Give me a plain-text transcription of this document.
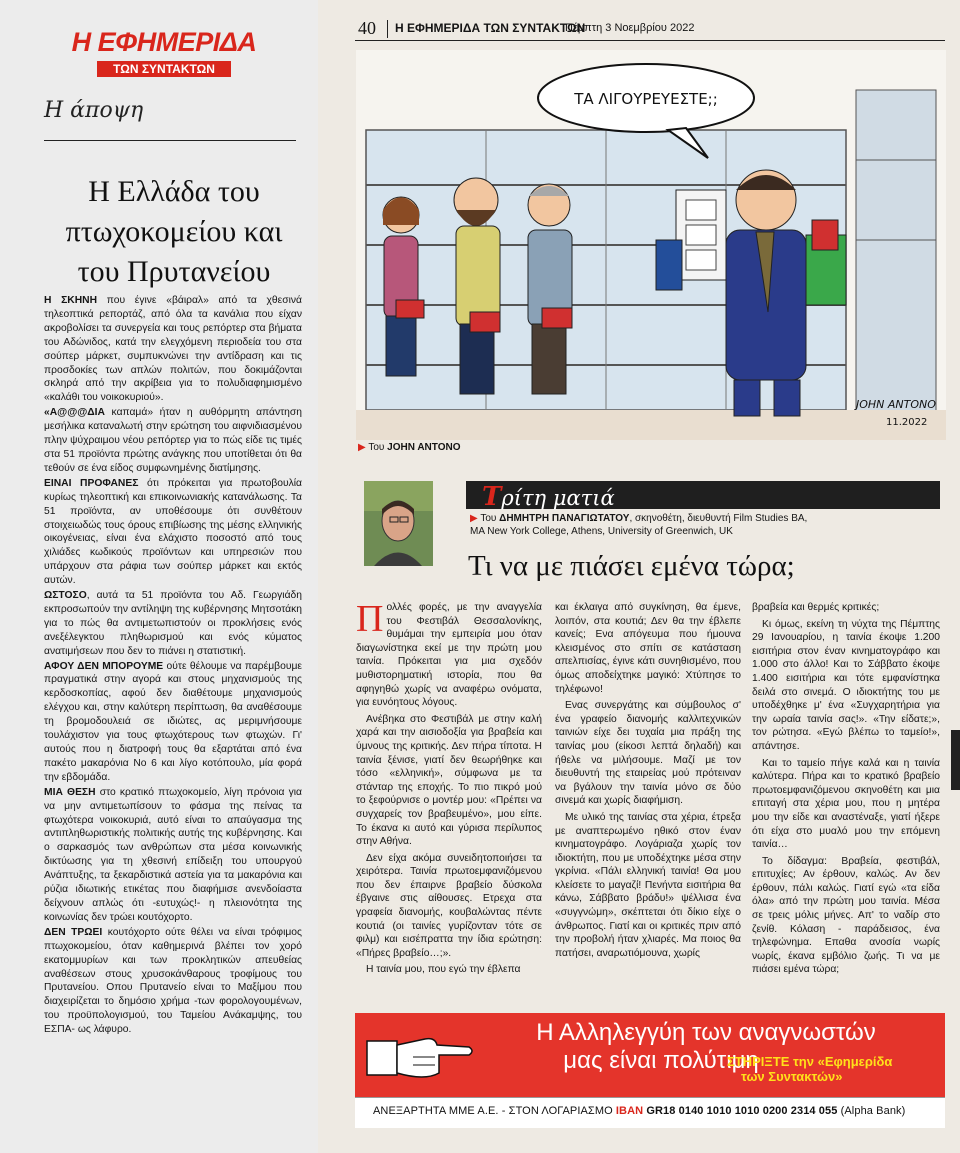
Η ΕΦΗΜΕΡΙΔΑ
ΤΩΝ ΣΥΝΤΑΚΤΩΝ
Η άποψη
Η Ελλάδα του
πτωχοκομείου και
του Πρυτανείου

Η ΣΚΗΝΗ που έγινε «βάιραλ» από τα χθεσινά τηλεοπτικά ρεπορτάζ, από όλα τα κανάλια που είχαν ακροβολίσει τα συνεργεία και τους ρεπόρτερ στα βήματα του Αδώνιδος, κατά την ελεγχόμενη περιοδεία του στα σούπερ μάρκετ, συμπυκνώνει την αντίδραση και τις προσδοκίες των απλών πολιτών, που δοκιμάζονται σκληρά από την ακρίβεια για το πολυδιαφημισμένο «καλάθι του νοικοκυριού».

«Α@@@ΔΙΑ καπαμά» ήταν η αυθόρμητη απάντηση μεσήλικα καταναλωτή στην ερώτηση του αιφνιδιασμένου πλην ψύχραιμου νέου ρεπόρτερ για το πώς είδε τις τιμές στα 51 προϊόντα πρώτης ανάγκης που υποτίθεται ότι θα τεθούν σε ένα είδος συμφωνημένης διατίμησης.

ΕΙΝΑΙ ΠΡΟΦΑΝΕΣ ότι πρόκειται για πρωτοβουλία κυρίως τηλεοπτική και επικοινωνιακής κατανάλωσης. Τα 51 προϊόντα, αν υποθέσουμε ότι συνθέτουν στοιχειωδώς τους όρους επιβίωσης της μέσης ελληνικής οικογένειας, είναι ένα ελάχιστο ποσοστό από τους χιλιάδες κωδικούς προϊόντων και υπηρεσιών που υπάρχουν στα ράφια των σούπερ μάρκετ και εκτός αυτών.

ΩΣΤΟΣΟ, αυτά τα 51 προϊόντα του Αδ. Γεωργιάδη εκπροσωπούν την αντίληψη της κυβέρνησης Μητσοτάκη για το πώς θα αντιμετωπιστούν οι προκλήσεις ενός ανεξέλεγκτου πληθωρισμού και ενός κύματος ανατιμήσεων που δεν το πιάνει η στατιστική.

ΑΦΟΥ ΔΕΝ ΜΠΟΡΟΥΜΕ ούτε θέλουμε να παρέμβουμε πραγματικά στην αγορά και στους μηχανισμούς της κερδοσκοπίας, αφού δεν διαθέτουμε μηχανισμούς ελέγχου και, στην καλύτερη περίπτωση, θα αναθέσουμε τη βρομοδουλειά σε ιδιώτες, ας μεριμνήσουμε τουλάχιστον για τους φτωχότερους των φτωχών. Γι' αυτούς που η διατροφή τους θα εξαρτάται από ένα πακέτο μακαρόνια Νο 6 και λίγο κοτόπουλο, μία φορά την εβδομάδα.

ΜΙΑ ΘΕΣΗ στο κρατικό πτωχοκομείο, λίγη πρόνοια για να μην αντιμετωπίσουν το φάσμα της πείνας τα φτωχότερα νοικοκυριά, αυτό είναι το απαύγασμα της αντιπληθωριστικής πολιτικής αυτής της κυβέρνησης. Και ο σαρκασμός των ανθρώπων στα μέσα κοινωνικής δικτύωσης για τη χθεσινή επίδειξη του υπουργού Ανάπτυξης, τα ξεκαρδιστικά αστεία για τα μακαρόνια και ρύζια ιδιωτικής ετικέτας που διαφήμισε ανενδοίαστα δείχνουν απλώς ότι -ευτυχώς!- η πλειονότητα της κοινωνίας δεν τρώει κουτόχορτο.

ΔΕΝ ΤΡΩΕΙ κουτόχορτο ούτε θέλει να είναι τρόφιμος πτωχοκομείου, όταν καθημερινά βλέπει τον χορό εκατομμυρίων και των προκλητικών απευθείας αναθέσεων στους χρυσοκάνθαρους τροφίμους του Πρυτανείου. Οπου Πρυτανείο είναι το Μαξίμου που διαχειρίζεται το δημόσιο χρήμα -των φορολογουμένων, του πρoϋπολογισμού, του Ταμείου Ανάκαμψης, του ΕΣΠΑ- ως λάφυρο.

40 Η ΕΦΗΜΕΡΙΔΑ ΤΩΝ ΣΥΝΤΑΚΤΩΝ
Πέμπτη 3 Νοεμβρίου 2022
ΤΑ ΛΙΓΟΥΡΕΥΕΣΤΕ;;
JOHN ANTONO
11.2022
▶ Του JOHN ANTONO
Τρίτη ματιά
▶ Του ΔΗΜΗΤΡΗ ΠΑΝΑΓΙΩΤΑΤΟΥ, σκηνοθέτη, διευθυντή Film Studies BA,
MA New York College, Athens, University of Greenwich, UK
Τι να με πιάσει εμένα τώρα;

Πολλές φορές, με την αναγγελία του Φεστιβάλ Θεσσαλονίκης, θυμάμαι την εμπειρία μου όταν διαγωνίστηκα εκεί με την πρώτη μου ταινία. Πρόκειται για μια σχεδόν μυθιστορηματική ιστορία, που θα αφηγηθώ χωρίς να αναφέρω ονόματα, για ευνόητους λόγους.

Ανέβηκα στο Φεστιβάλ με στην καλή χαρά και την αισιοδοξία για βραβεία και ύμνους της κριτικής. Δεν πήρα τίποτα. Η ταινία ξένισε, γιατί δεν θεωρήθηκε και τόσο «ελληνική», σύμφωνα με τα στάνταρ της εποχής. Το πιο πικρό μού το ξεφούρνισε ο μοντέρ μου: «Πρέπει να συγχαρείς τον βραβευμένο», μου είπε. Το έκανα κι αυτό και γύρισα περίλυπος στην Αθήνα.

Δεν είχα ακόμα συνειδητοποιήσει τα χειρότερα. Ταινία πρωτοεμφανιζόμενου που δεν έπαιρνε βραβείο δύσκολα έβγαινε στις αίθουσες. Ετρεχα στα γραφεία διανομής, κουβαλώντας πέντε κουτιά (οι ταινίες γυρίζονταν τότε σε φιλμ) και εισέπραττα την ίδια ερώτηση: «Πήρες βραβείο…;».

Η ταινία μου, που εγώ την έβλεπα

και έκλαιγα από συγκίνηση, θα έμενε, λοιπόν, στα κουτιά; Δεν θα την έβλεπε κανείς; Ενα απόγευμα που ήμουνα κλεισμένος στο σπίτι σε κατάσταση απελπισίας, έγινε κάτι συνηθισμένο, που όμως αποδείχτηκε μαγικό: Χτύπησε το τηλέφωνο!

Ενας συνεργάτης και σύμβουλος σ' ένα γραφείο διανομής καλλιτεχνικών ταινιών είχε δει τυχαία μια πράξη της ταινίας μου (είκοσι λεπτά δηλαδή) και ήθελε να μιλήσουμε. Μαζί με τον διευθυντή της εταιρείας μού πρότειναν να βγάλουν την ταινία μόνο σε δύο σινεμά και χωρίς διαφήμιση.

Με υλικό της ταινίας στα χέρια, έτρεξα με αναπτερωμένο ηθικό στον έναν κινηματογράφο. Λογάριαζα χωρίς τον ιδιοκτήτη, που με υποδέχτηκε μέσα στην γκρίνια. «Πάλι ελληνική ταινία! Θα μου κλείσετε το μαγαζί! Πενήντα εισιτήρια θα κάνω, Σάββατο βράδυ!» ψέλλισα ένα «συγγνώμη», σκέπτεται ότι δίκιο είχε ο άνθρωπος. Γιατί και οι κριτικές πριν από την προβολή ήταν χλιαρές. Μα ποιος θα πατήσει, αναρωτιόμουνα, χωρίς

βραβεία και θερμές κριτικές;

Κι όμως, εκείνη τη νύχτα της Πέμπτης 29 Ιανουαρίου, η ταινία έκοψε 1.200 εισιτήρια στον έναν κινηματογράφο και 1.000 στο άλλο! Και το Σάββατο έκοψε 1.400 εισιτήρια και τότε εμφανίστηκα δειλά στο σινεμά. Ο ιδιοκτήτης του με υποδέχθηκε μ' ένα «Συγχαρητήρια για την ωραία ταινία σας!». «Την είδατε;», τον ρώτησα. «Εγώ βλέπω το ταμείο!», απάντησε.

Και το ταμείο πήγε καλά και η ταινία καλύτερα. Πήρα και το κρατικό βραβείο πρωτοεμφανιζόμενου σκηνοθέτη και μια επιταγή στα χέρια μου, που η μητέρα μου την είδε και αναστέναξε, γιατί ήξερε ότι είχα στο μυαλό μου την επόμενη ταινία…

Το δίδαγμα: Βραβεία, φεστιβάλ, επιτυχίες; Αν έρθουν, καλώς. Αν δεν έρθουν, πάλι καλώς. Γιατί εγώ «τα είδα όλα» από την πρώτη μου ταινία. Μέσα σε τρεις μόλις μήνες. Απ' το ναδίρ στο ζενίθ. Κόλαση - παράδεισος, ένα τηλεφώνημα. Επαθα ανοσία νωρίς νωρίς, έκανα εμβόλιο ζωής. Τι να με πιάσει εμένα τώρα;

Η Αλληλεγγύη των αναγνωστών
μας είναι πολύτιμη
ΣΤΗΡΙΞΤΕ την «Εφημερίδα
των Συντακτών»
ΑΝΕΞΑΡΤΗΤΑ ΜΜΕ Α.Ε. - ΣΤΟΝ ΛΟΓΑΡΙΑΣΜΟ IBAN GR18 0140 1010 1010 0200 2314 055 (Alpha Bank)
